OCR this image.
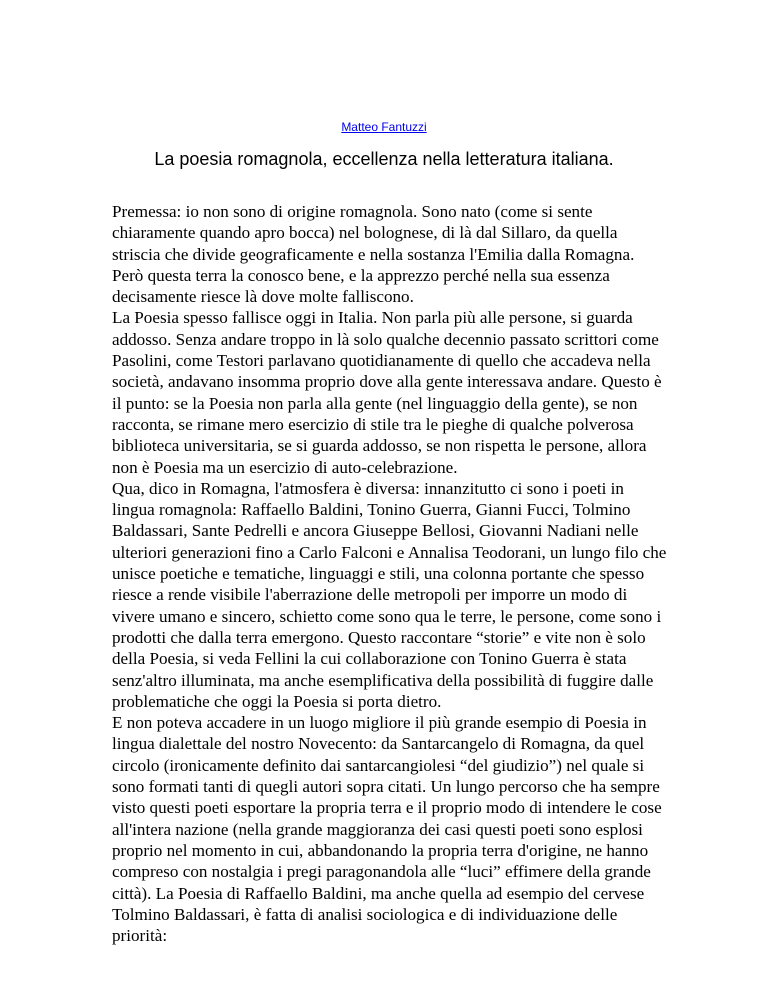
Matteo Fantuzzi
La poesia romagnola, eccellenza nella letteratura italiana.

Premessa: io non sono di origine romagnola. Sono nato (come si sente chiaramente quando apro bocca) nel bolognese, di là dal Sillaro, da quella striscia che divide geograficamente e nella sostanza l'Emilia dalla Romagna. Però questa terra la conosco bene, e la apprezzo perché nella sua essenza decisamente riesce là dove molte falliscono.

La Poesia spesso fallisce oggi in Italia. Non parla più alle persone, si guarda addosso. Senza andare troppo in là solo qualche decennio passato scrittori come Pasolini, come Testori parlavano quotidianamente di quello che accadeva nella società, andavano insomma proprio dove alla gente interessava andare. Questo è il punto: se la Poesia non parla alla gente (nel linguaggio della gente), se non racconta, se rimane mero esercizio di stile tra le pieghe di qualche polverosa biblioteca universitaria, se si guarda addosso, se non rispetta le persone, allora non è Poesia ma un esercizio di auto-celebrazione.

Qua, dico in Romagna, l'atmosfera è diversa: innanzitutto ci sono i poeti in lingua romagnola: Raffaello Baldini, Tonino Guerra, Gianni Fucci, Tolmino Baldassari, Sante Pedrelli e ancora Giuseppe Bellosi, Giovanni Nadiani nelle ulteriori generazioni fino a Carlo Falconi e Annalisa Teodorani, un lungo filo che unisce poetiche e tematiche, linguaggi e stili, una colonna portante che spesso riesce a rende visibile l'aberrazione delle metropoli per imporre un modo di vivere umano e sincero, schietto come sono qua le terre, le persone, come sono i prodotti che dalla terra emergono. Questo raccontare “storie” e vite non è solo della Poesia, si veda Fellini la cui collaborazione con Tonino Guerra è stata senz'altro illuminata, ma anche esemplificativa della possibilità di fuggire dalle problematiche che oggi la Poesia si porta dietro.

E non poteva accadere in un luogo migliore il più grande esempio di Poesia in lingua dialettale del nostro Novecento: da Santarcangelo di Romagna, da quel circolo (ironicamente definito dai santarcangiolesi “del giudizio”) nel quale si sono formati tanti di quegli autori sopra citati. Un lungo percorso che ha sempre visto questi poeti esportare la propria terra e il proprio modo di intendere le cose all'intera nazione (nella grande maggioranza dei casi questi poeti sono esplosi proprio nel momento in cui, abbandonando la propria terra d'origine, ne hanno compreso con nostalgia i pregi paragonandola alle “luci” effimere della grande città). La Poesia di Raffaello Baldini, ma anche quella ad esempio del cervese Tolmino Baldassari, è fatta di analisi sociologica e di individuazione delle priorità:
